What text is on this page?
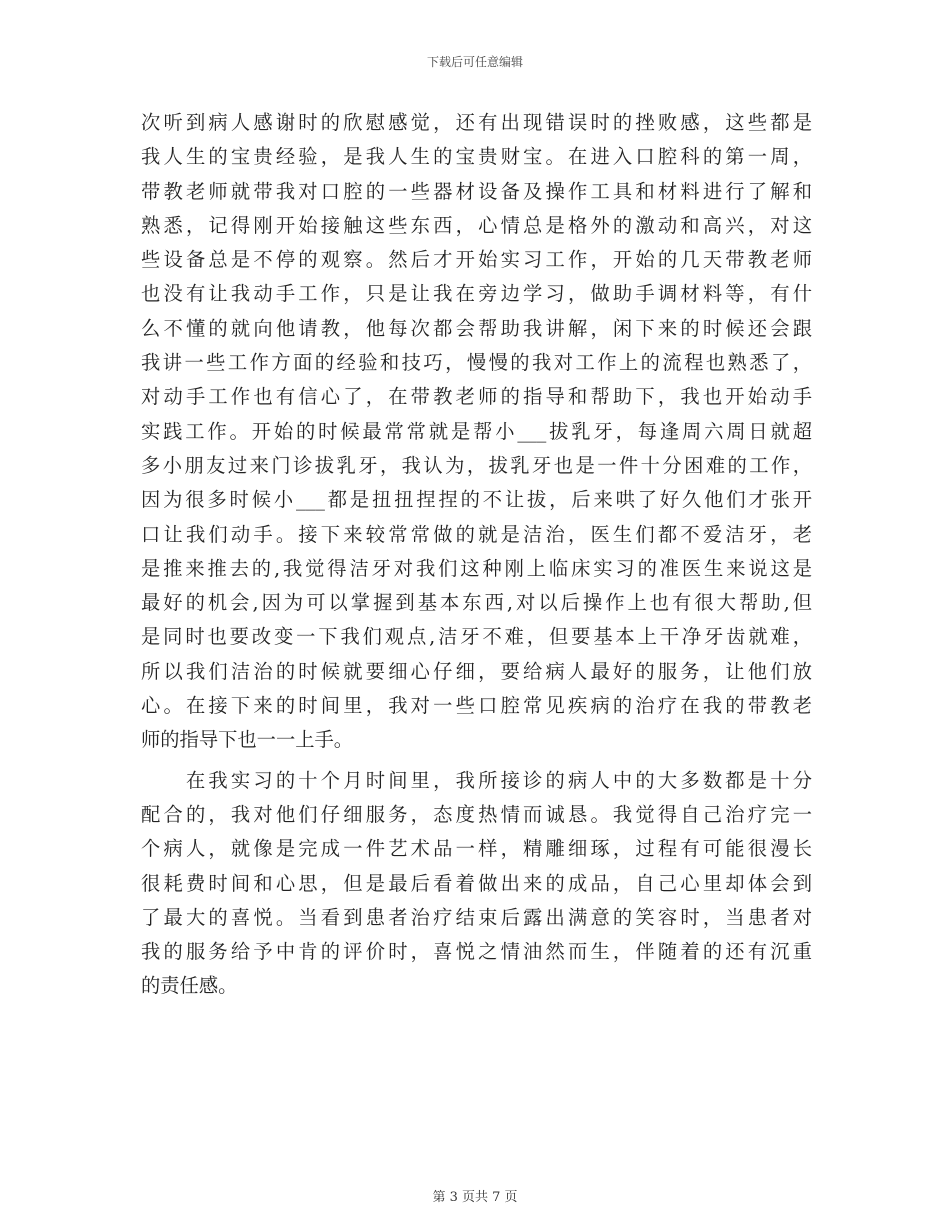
下载后可任意编辑
次听到病人感谢时的欣慰感觉，还有出现错误时的挫败感，这些都是
我人生的宝贵经验，是我人生的宝贵财宝。在进入口腔科的第一周，
带教老师就带我对口腔的一些器材设备及操作工具和材料进行了解和
熟悉，记得刚开始接触这些东西，心情总是格外的激动和高兴，对这
些设备总是不停的观察。然后才开始实习工作，开始的几天带教老师
也没有让我动手工作，只是让我在旁边学习，做助手调材料等，有什
么不懂的就向他请教，他每次都会帮助我讲解，闲下来的时候还会跟
我讲一些工作方面的经验和技巧，慢慢的我对工作上的流程也熟悉了，
对动手工作也有信心了，在带教老师的指导和帮助下，我也开始动手
实践工作。开始的时候最常常就是帮小___拔乳牙，每逢周六周日就超
多小朋友过来门诊拔乳牙，我认为，拔乳牙也是一件十分困难的工作，
因为很多时候小___都是扭扭捏捏的不让拔，后来哄了好久他们才张开
口让我们动手。接下来较常常做的就是洁治，医生们都不爱洁牙，老
是推来推去的,我觉得洁牙对我们这种刚上临床实习的准医生来说这是
最好的机会,因为可以掌握到基本东西,对以后操作上也有很大帮助,但
是同时也要改变一下我们观点,洁牙不难，但要基本上干净牙齿就难，
所以我们洁治的时候就要细心仔细，要给病人最好的服务，让他们放
心。在接下来的时间里，我对一些口腔常见疾病的治疗在我的带教老
师的指导下也一一上手。
　　在我实习的十个月时间里，我所接诊的病人中的大多数都是十分
配合的，我对他们仔细服务，态度热情而诚恳。我觉得自己治疗完一
个病人，就像是完成一件艺术品一样，精雕细琢，过程有可能很漫长
很耗费时间和心思，但是最后看着做出来的成品，自己心里却体会到
了最大的喜悦。当看到患者治疗结束后露出满意的笑容时，当患者对
我的服务给予中肯的评价时，喜悦之情油然而生，伴随着的还有沉重
的责任感。
第 3 页共 7 页
